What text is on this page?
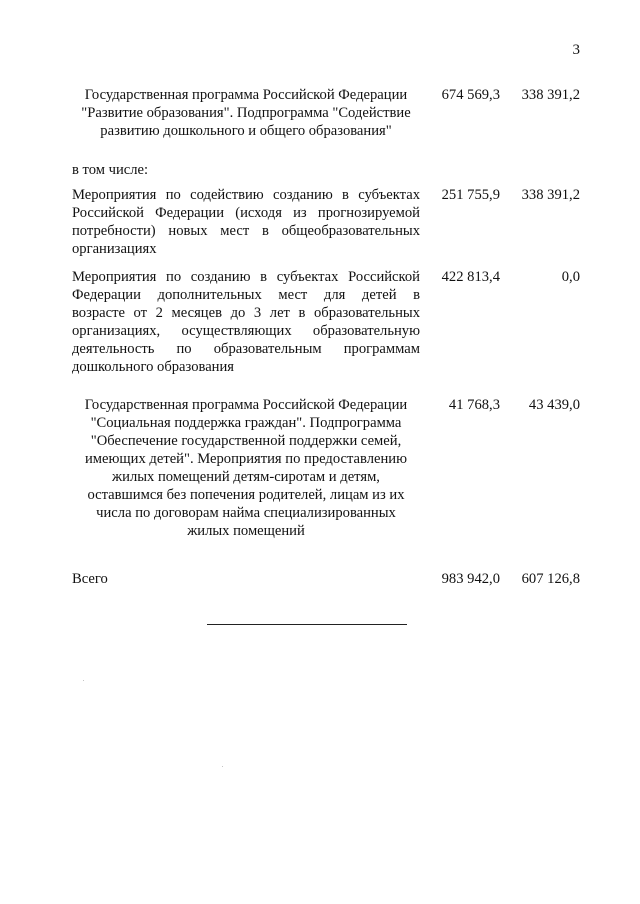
3
Государственная программа Российской Федерации
"Развитие образования". Подпрограмма "Содействие
развитию дошкольного и общего образования"
674 569,3 338 391,2
в том числе:
Мероприятия по содействию созданию в субъектах
Российской Федерации (исходя из прогнозируемой
потребности) новых мест в общеобразовательных
организациях
251 755,9 338 391,2
Мероприятия по созданию в субъектах Российской
Федерации дополнительных мест для детей в
возрасте от 2 месяцев до 3 лет в образовательных
организациях, осуществляющих образовательную
деятельность по образовательным программам
дошкольного образования
422 813,4	0,0
Государственная программа Российской Федерации
"Социальная поддержка граждан". Подпрограмма
"Обеспечение государственной поддержки семей,
имеющих детей". Мероприятия по предоставлению
жилых помещений детям-сиротам и детям,
оставшимся без попечения родителей, лицам из их
числа по договорам найма специализированных
жилых помещений
41 768,3 43 439,0
Всего	983 942,0 607 126,8
